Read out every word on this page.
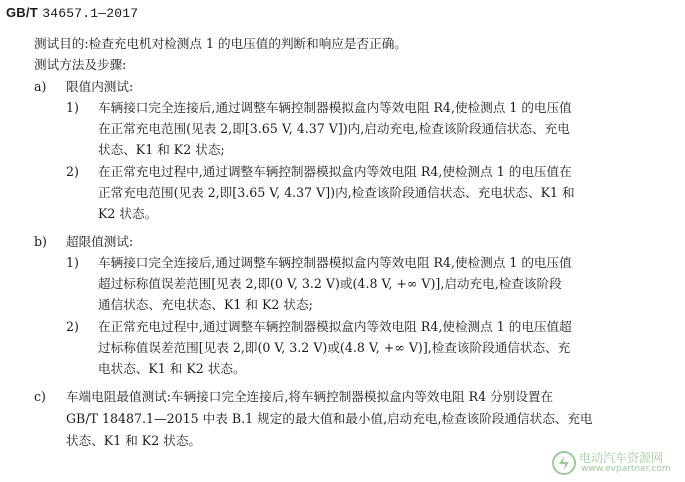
GB/T 34657.1—2017
测试目的:检查充电机对检测点 1 的电压值的判断和响应是否正确。
测试方法及步骤:
a) 限值内测试:
1) 车辆接口完全连接后,通过调整车辆控制器模拟盒内等效电阻 R4,使检测点 1 的电压值
在正常充电范围(见表 2,即[3.65 V, 4.37 V])内,启动充电,检查该阶段通信状态、充电
状态、K1 和 K2 状态;
2) 在正常充电过程中,通过调整车辆控制器模拟盒内等效电阻 R4,使检测点 1 的电压值在
正常充电范围(见表 2,即[3.65 V, 4.37 V])内,检查该阶段通信状态、充电状态、K1 和
K2 状态。
b) 超限值测试:
1) 车辆接口完全连接后,通过调整车辆控制器模拟盒内等效电阻 R4,使检测点 1 的电压值
超过标称值误差范围[见表 2,即(0 V, 3.2 V)或(4.8 V, +∞ V)],启动充电,检查该阶段
通信状态、充电状态、K1 和 K2 状态;
2) 在正常充电过程中,通过调整车辆控制器模拟盒内等效电阻 R4,使检测点 1 的电压值超
过标称值误差范围[见表 2,即(0 V, 3.2 V)或(4.8 V, +∞ V)],检查该阶段通信状态、充
电状态、K1 和 K2 状态。
c) 车端电阻最值测试:车辆接口完全连接后,将车辆控制器模拟盒内等效电阻 R4 分别设置在
GB/T 18487.1—2015 中表 B.1 规定的最大值和最小值,启动充电,检查该阶段通信状态、充电
状态、K1 和 K2 状态。
电动汽车资源网
www.evpartner.com
